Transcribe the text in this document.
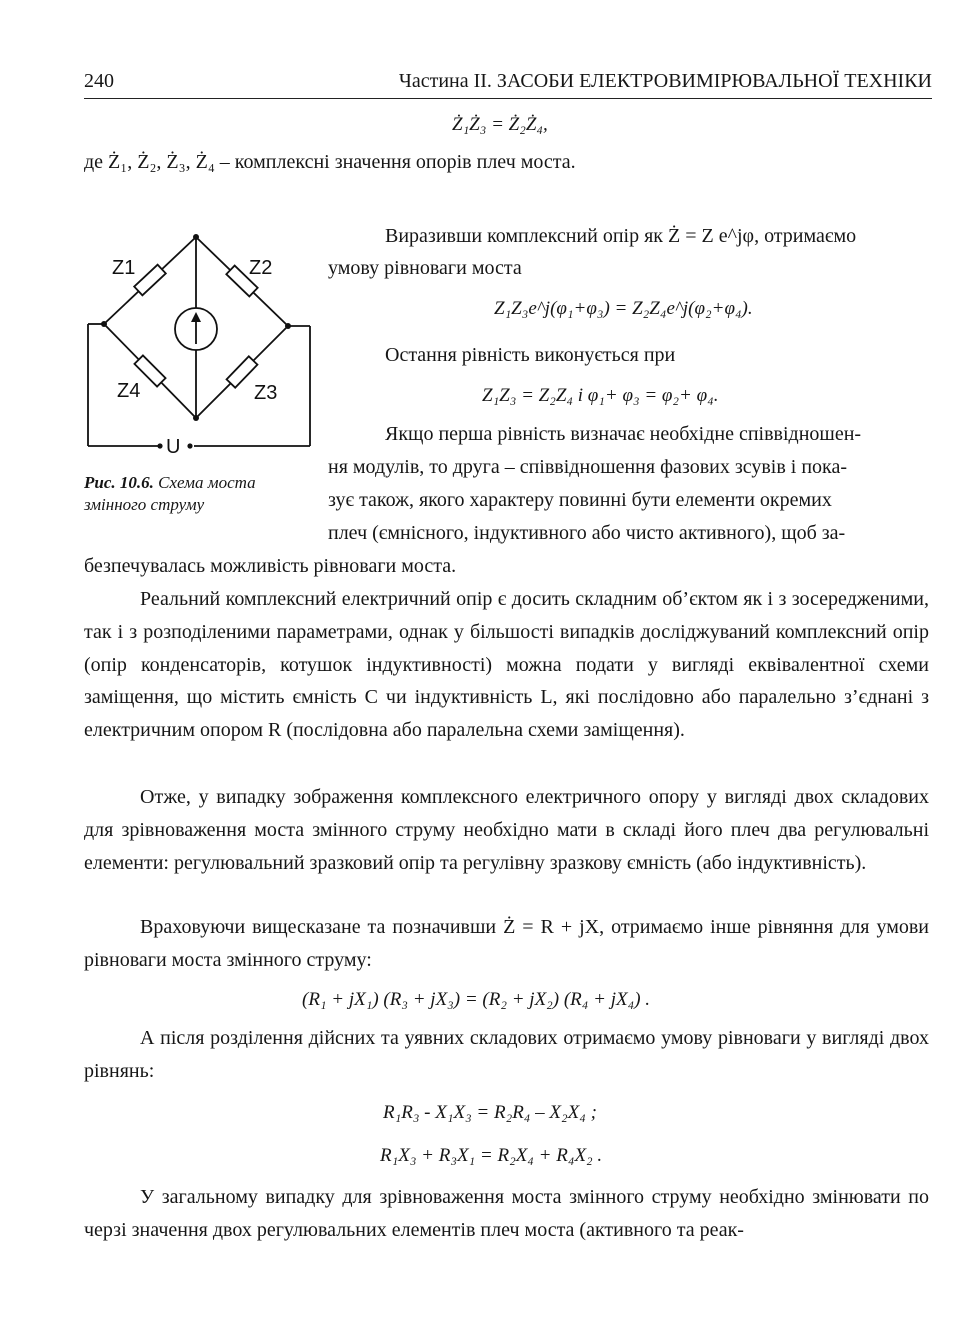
240	Частина ІІ. ЗАСОБИ ЕЛЕКТРОВИМІРЮВАЛЬНОЇ ТЕХНІКИ
Ż₁Ż₃ = Ż₂Ż₄,
де Ż₁, Ż₂, Ż₃, Ż₄ – комплексні значення опорів плеч моста.
Z1	Z2
Z4	Z3
U
Рис. 10.6. Схема моста змінного струму
Виразивши комплексний опір як Ż = Z e^jφ, отримаємо
умову рівноваги моста
Z₁Z₃e^j(φ₁+φ₃) = Z₂Z₄e^j(φ₂+φ₄).
Остання рівність виконується при
Z₁Z₃ = Z₂Z₄ і φ₁+ φ₃ = φ₂+ φ₄.
Якщо перша рівність визначає необхідне співвідношен-
ня модулів, то друга – співвідношення фазових зсувів і пока-
зує також, якого характеру повинні бути елементи окремих
плеч (ємнісного, індуктивного або чисто активного), щоб за-
безпечувалась можливість рівноваги моста.
Реальний комплексний електричний опір є досить складним об’єктом як і з зосередженими, так і з розподіленими параметрами, однак у більшості випадків досліджуваний комплексний опір (опір конденсаторів, котушок індуктивності) можна подати у вигляді еквівалентної схеми заміщення, що містить ємність C чи індуктивність L, які послідовно або паралельно з’єднані з електричним опором R (послідовна або паралельна схеми заміщення).
Отже, у випадку зображення комплексного електричного опору у вигляді двох складових для зрівноваження моста змінного струму необхідно мати в складі його плеч два регулювальні елементи: регулювальний зразковий опір та регулівну зразкову ємність (або індуктивність).
Враховуючи вищесказане та позначивши Ż = R + jX, отримаємо інше рівняння для умови рівноваги моста змінного струму:
(R₁ + jX₁) (R₃ + jX₃) = (R₂ + jX₂) (R₄ + jX₄) .
А після розділення дійсних та уявних складових отримаємо умову рівноваги у вигляді двох рівнянь:
R₁R₃ - X₁X₃ = R₂R₄ – X₂X₄ ;
R₁X₃ + R₃X₁ = R₂X₄ + R₄X₂ .
У загальному випадку для зрівноваження моста змінного струму необхідно змінювати по черзі значення двох регулювальних елементів плеч моста (активного та реак-
